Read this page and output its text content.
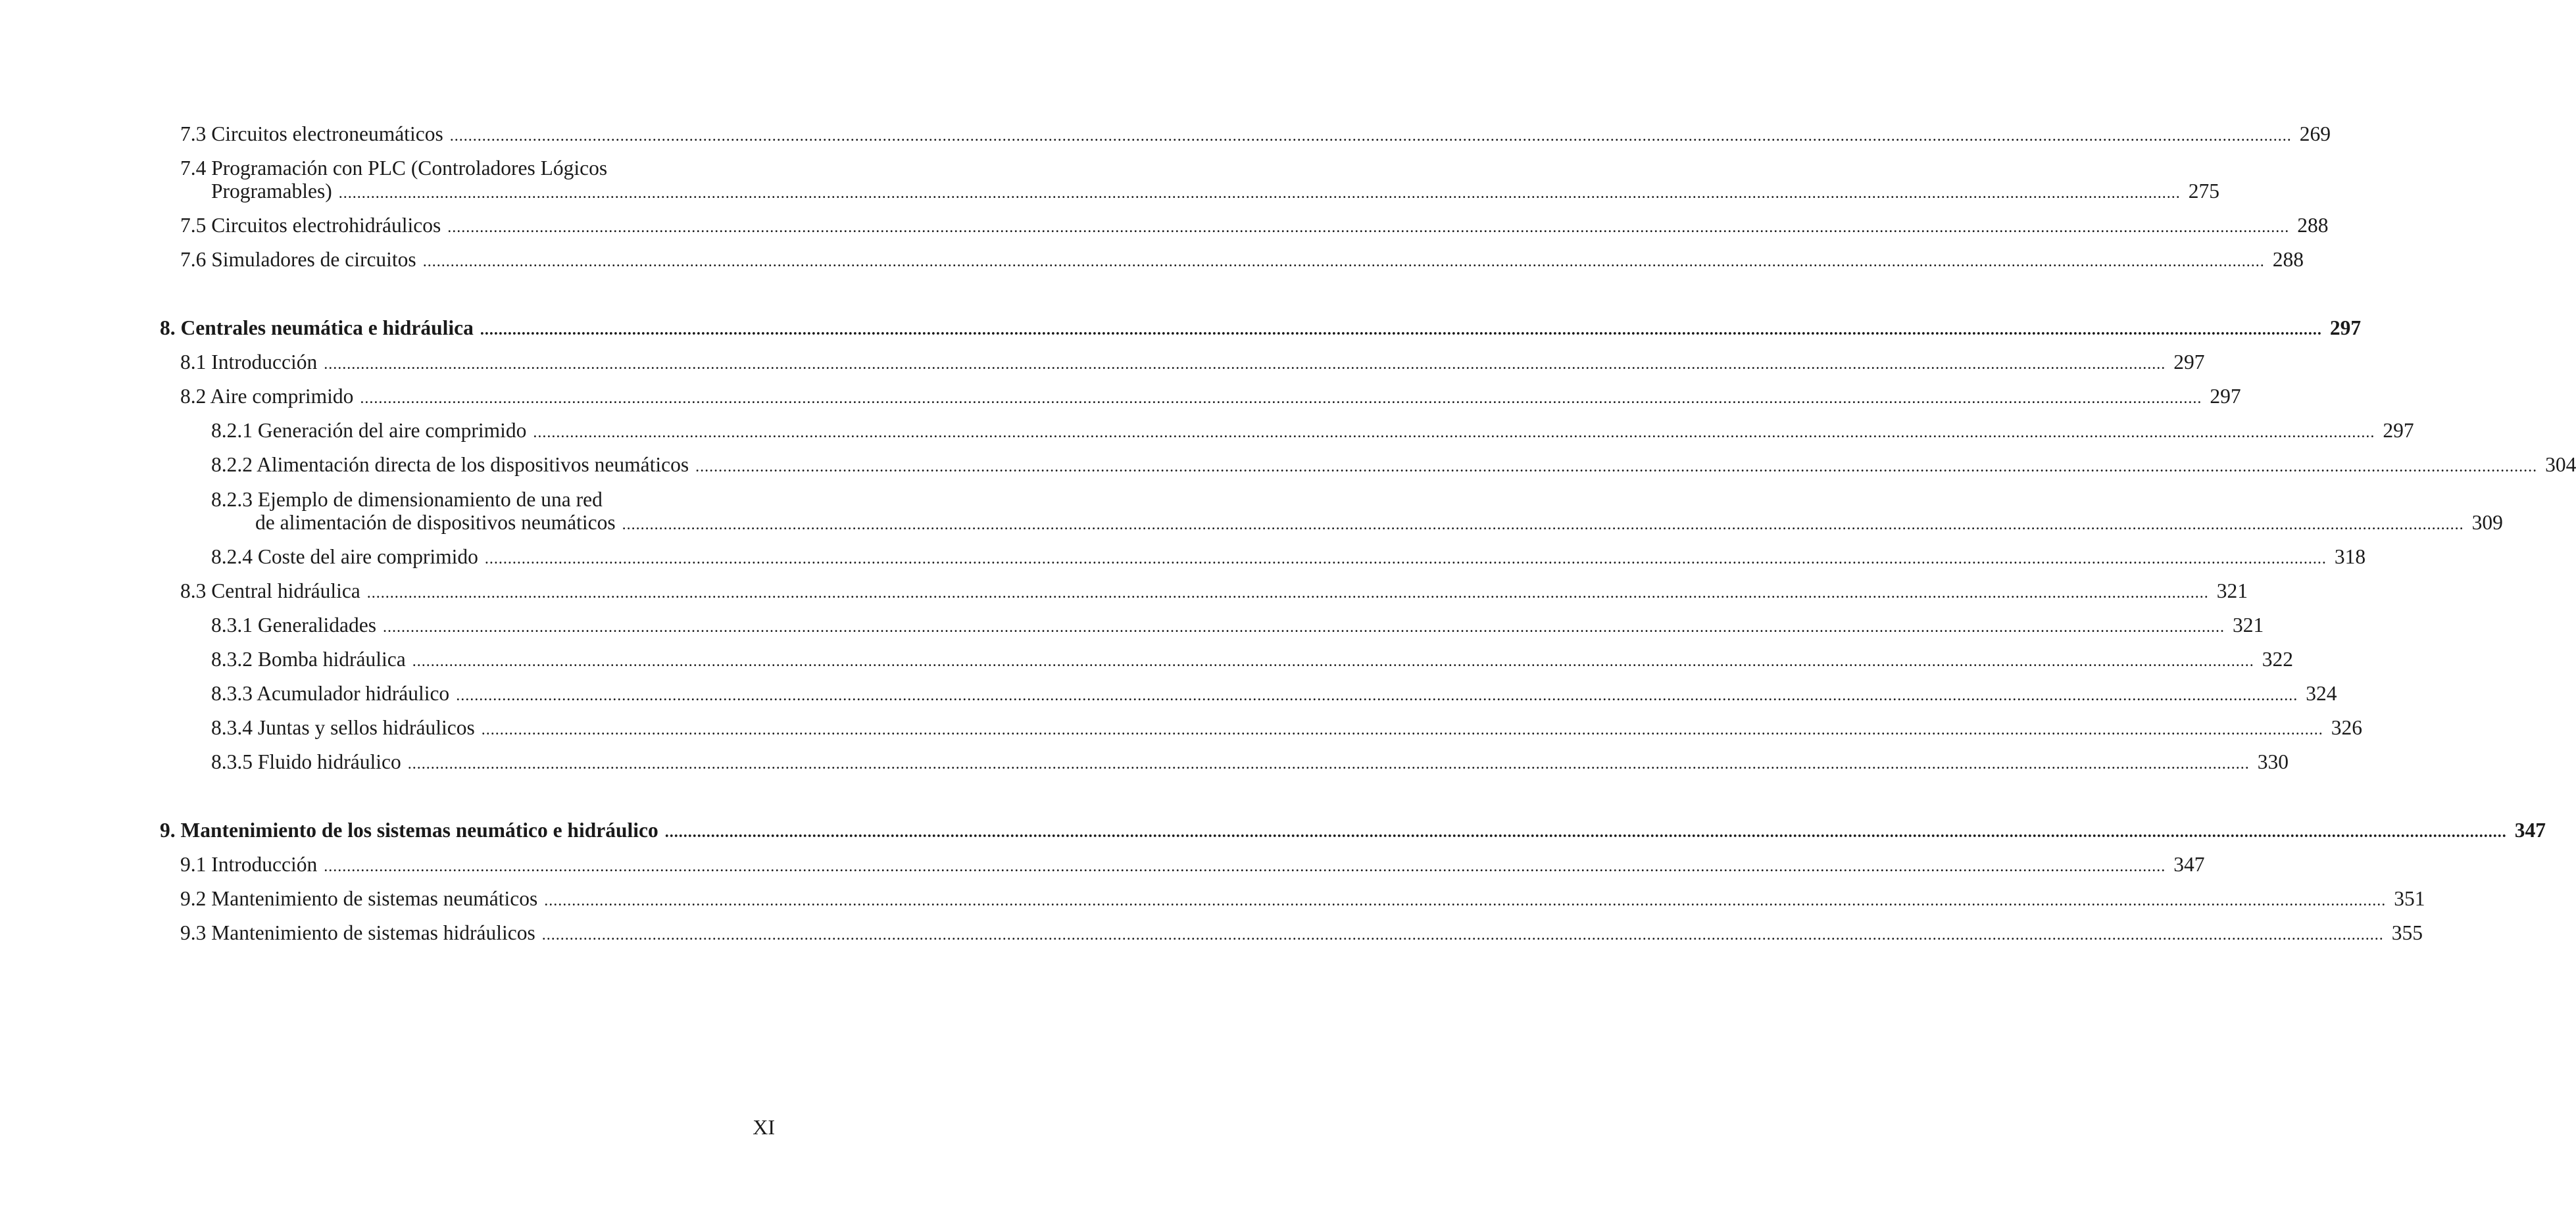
7.3 Circuitos electroneumáticos ................................................................................................................................................................................................................................................................................................................................................................................................................ 269
7.4 Programación con PLC (Controladores Lógicos
Programables) ................................................................................................................................................................................................................................................................................................................................................................................................................ 275
7.5 Circuitos electrohidráulicos ................................................................................................................................................................................................................................................................................................................................................................................................................ 288
7.6 Simuladores de circuitos ................................................................................................................................................................................................................................................................................................................................................................................................................ 288
8. Centrales neumática e hidráulica ................................................................................................................................................................................................................................................................................................................................................................................................................ 297
8.1 Introducción ................................................................................................................................................................................................................................................................................................................................................................................................................ 297
8.2 Aire comprimido ................................................................................................................................................................................................................................................................................................................................................................................................................ 297
8.2.1 Generación del aire comprimido ................................................................................................................................................................................................................................................................................................................................................................................................................ 297
8.2.2 Alimentación directa de los dispositivos neumáticos ................................................................................................................................................................................................................................................................................................................................................................................................................ 304
8.2.3 Ejemplo de dimensionamiento de una red
de alimentación de dispositivos neumáticos ................................................................................................................................................................................................................................................................................................................................................................................................................ 309
8.2.4 Coste del aire comprimido ................................................................................................................................................................................................................................................................................................................................................................................................................ 318
8.3 Central hidráulica ................................................................................................................................................................................................................................................................................................................................................................................................................ 321
8.3.1 Generalidades ................................................................................................................................................................................................................................................................................................................................................................................................................ 321
8.3.2 Bomba hidráulica ................................................................................................................................................................................................................................................................................................................................................................................................................ 322
8.3.3 Acumulador hidráulico ................................................................................................................................................................................................................................................................................................................................................................................................................ 324
8.3.4 Juntas y sellos hidráulicos ................................................................................................................................................................................................................................................................................................................................................................................................................ 326
8.3.5 Fluido hidráulico ................................................................................................................................................................................................................................................................................................................................................................................................................ 330
9. Mantenimiento de los sistemas neumático e hidráulico ................................................................................................................................................................................................................................................................................................................................................................................................................ 347
9.1 Introducción ................................................................................................................................................................................................................................................................................................................................................................................................................ 347
9.2 Mantenimiento de sistemas neumáticos ................................................................................................................................................................................................................................................................................................................................................................................................................ 351
9.3 Mantenimiento de sistemas hidráulicos ................................................................................................................................................................................................................................................................................................................................................................................................................ 355
XI
